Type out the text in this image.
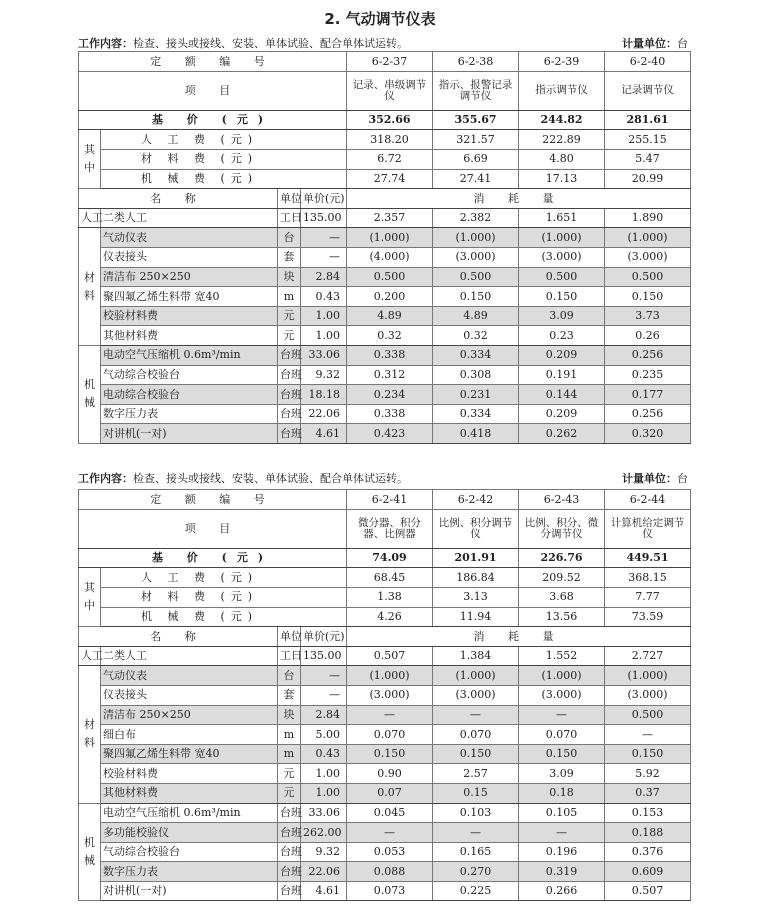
2. 气动调节仪表
工作内容：检查、接头或接线、安装、单体试验、配合单体试运转。	计量单位：台
定 额 编 号				6-2-37	6-2-38	6-2-39	6-2-40
项 目				记录、串级调节仪	指示、报警记录调节仪	指示调节仪	记录调节仪
基 价 (元)				352.66	355.67	244.82	281.61

其
中	人 工 费 (元)			318.20	321.57	222.89	255.15
	材 料 费 (元)			6.72	6.69	4.80	5.47
	机 械 费 (元)			27.74	27.41	17.13	20.99
名 称		单位	单价(元)	消 耗 量			

人工	二类人工	工日	135.00	2.357	2.382	1.651	1.890

材
料	气动仪表	台	—	(1.000)	(1.000)	(1.000)	(1.000)
	仪表接头	套	—	(4.000)	(3.000)	(3.000)	(3.000)
	清洁布 250×250	块	2.84	0.500	0.500	0.500	0.500
	聚四氟乙烯生料带 宽40	m	0.43	0.200	0.150	0.150	0.150
	校验材料费	元	1.00	4.89	4.89	3.09	3.73
	其他材料费	元	1.00	0.32	0.32	0.23	0.26

机
械	电动空气压缩机 0.6m³/min	台班	33.06	0.338	0.334	0.209	0.256
	气动综合校验台	台班	9.32	0.312	0.308	0.191	0.235
	电动综合校验台	台班	18.18	0.234	0.231	0.144	0.177
	数字压力表	台班	22.06	0.338	0.334	0.209	0.256
	对讲机(一对)	台班	4.61	0.423	0.418	0.262	0.320
工作内容：检查、接头或接线、安装、单体试验、配合单体试运转。	计量单位：台
定 额 编 号				6-2-41	6-2-42	6-2-43	6-2-44
项 目				微分器、积分器、比例器	比例、积分调节仪	比例、积分、微分调节仪	计算机给定调节仪
基 价 (元)				74.09	201.91	226.76	449.51

其
中	人 工 费 (元)			68.45	186.84	209.52	368.15
	材 料 费 (元)			1.38	3.13	3.68	7.77
	机 械 费 (元)			4.26	11.94	13.56	73.59
名 称		单位	单价(元)	消 耗 量			

人工	二类人工	工日	135.00	0.507	1.384	1.552	2.727

材
料	气动仪表	台	—	(1.000)	(1.000)	(1.000)	(1.000)
	仪表接头	套	—	(3.000)	(3.000)	(3.000)	(3.000)
	清洁布 250×250	块	2.84	—	—	—	0.500
	细白布	m	5.00	0.070	0.070	0.070	—
	聚四氟乙烯生料带 宽40	m	0.43	0.150	0.150	0.150	0.150
	校验材料费	元	1.00	0.90	2.57	3.09	5.92
	其他材料费	元	1.00	0.07	0.15	0.18	0.37

机
械	电动空气压缩机 0.6m³/min	台班	33.06	0.045	0.103	0.105	0.153
	多功能校验仪	台班	262.00	—	—	—	0.188
	气动综合校验台	台班	9.32	0.053	0.165	0.196	0.376
	数字压力表	台班	22.06	0.088	0.270	0.319	0.609
	对讲机(一对)	台班	4.61	0.073	0.225	0.266	0.507
